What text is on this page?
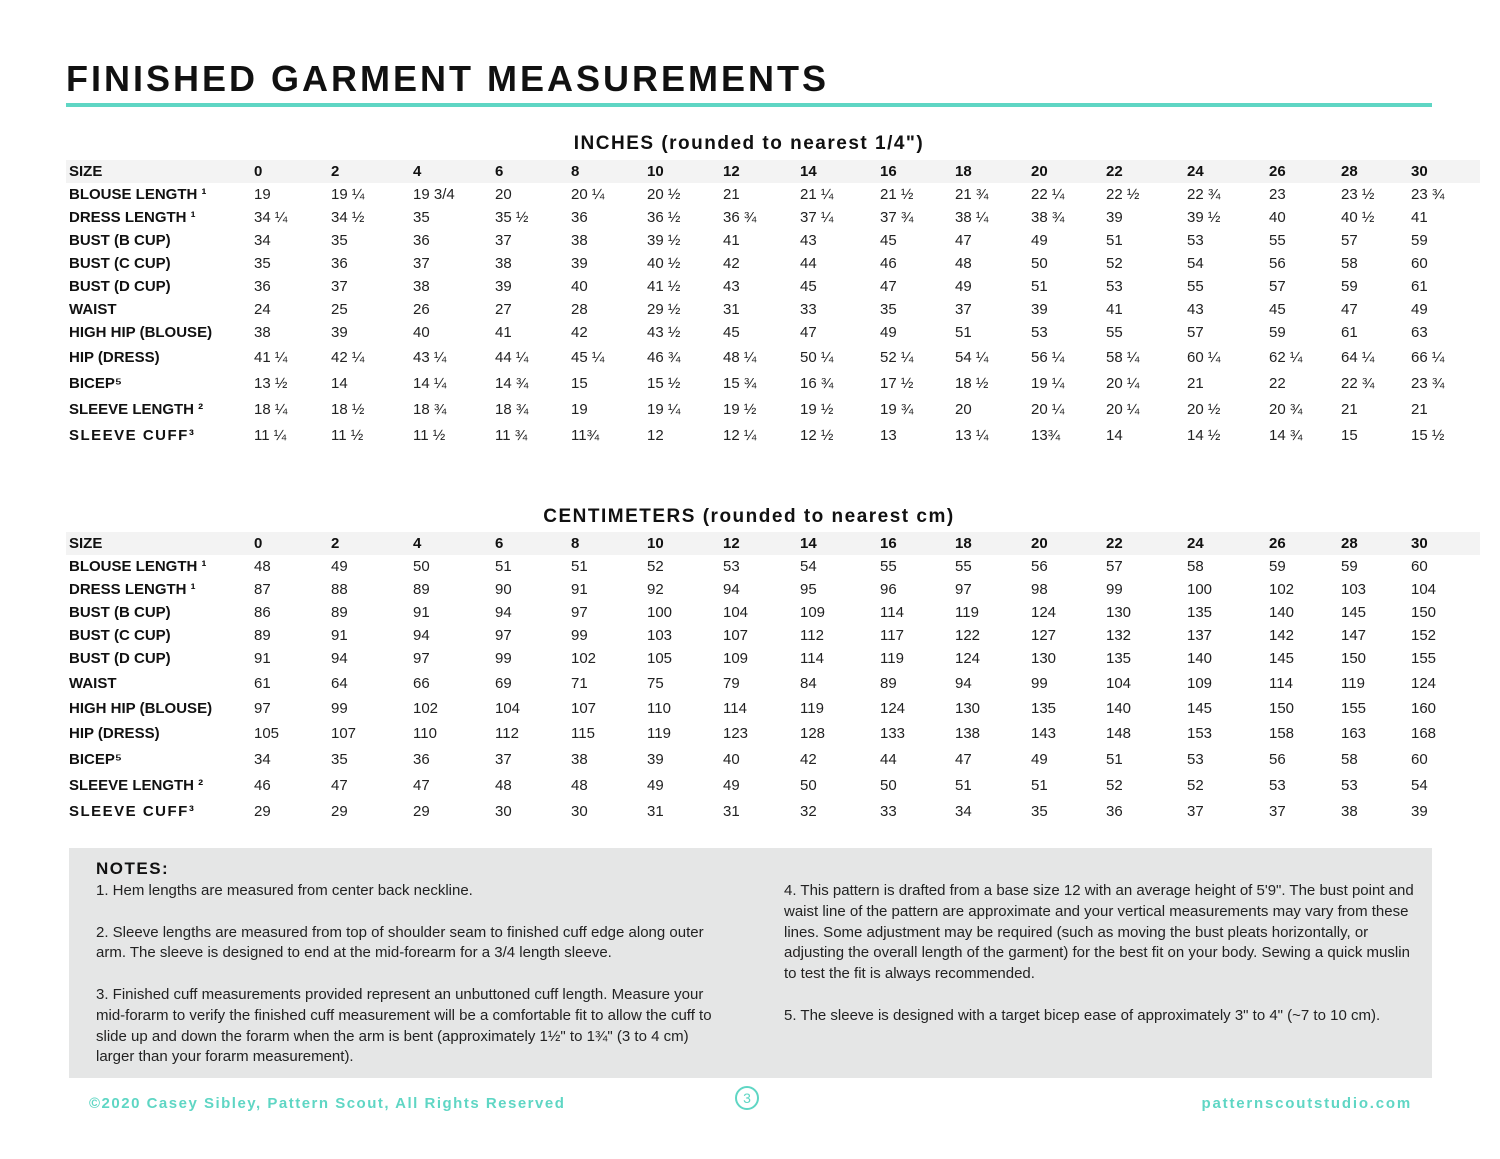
FINISHED GARMENT MEASUREMENTS
INCHES (rounded to nearest 1/4")
SIZE	0	2	4	6	8	10	12	14	16	18	20	22	24	26	28	30
BLOUSE LENGTH ¹	19	19 ¼	19 3/4	20	20 ¼	20 ½	21	21 ¼	21 ½	21 ¾	22 ¼	22 ½	22 ¾	23	23 ½	23 ¾
DRESS LENGTH ¹	34 ¼	34 ½	35	35 ½	36	36 ½	36 ¾	37 ¼	37 ¾	38 ¼	38 ¾	39	39 ½	40	40 ½	41
BUST (B CUP)	34	35	36	37	38	39 ½	41	43	45	47	49	51	53	55	57	59
BUST (C CUP)	35	36	37	38	39	40 ½	42	44	46	48	50	52	54	56	58	60
BUST (D CUP)	36	37	38	39	40	41 ½	43	45	47	49	51	53	55	57	59	61
WAIST	24	25	26	27	28	29 ½	31	33	35	37	39	41	43	45	47	49
HIGH HIP (BLOUSE)	38	39	40	41	42	43 ½	45	47	49	51	53	55	57	59	61	63
HIP (DRESS)	41 ¼	42 ¼	43 ¼	44 ¼	45 ¼	46 ¾	48 ¼	50 ¼	52 ¼	54 ¼	56 ¼	58 ¼	60 ¼	62 ¼	64 ¼	66 ¼
BICEP⁵	13 ½	14	14 ¼	14 ¾	15	15 ½	15 ¾	16 ¾	17 ½	18 ½	19 ¼	20 ¼	21	22	22 ¾	23 ¾
SLEEVE LENGTH ²	18 ¼	18 ½	18 ¾	18 ¾	19	19 ¼	19 ½	19 ½	19 ¾	20	20 ¼	20 ¼	20 ½	20 ¾	21	21
SLEEVE CUFF³	11 ¼	11 ½	11 ½	11 ¾	11¾	12	12 ¼	12 ½	13	13 ¼	13¾	14	14 ½	14 ¾	15	15 ½
CENTIMETERS (rounded to nearest cm)
SIZE	0	2	4	6	8	10	12	14	16	18	20	22	24	26	28	30
BLOUSE LENGTH ¹	48	49	50	51	51	52	53	54	55	55	56	57	58	59	59	60
DRESS LENGTH ¹	87	88	89	90	91	92	94	95	96	97	98	99	100	102	103	104
BUST (B CUP)	86	89	91	94	97	100	104	109	114	119	124	130	135	140	145	150
BUST (C CUP)	89	91	94	97	99	103	107	112	117	122	127	132	137	142	147	152
BUST (D CUP)	91	94	97	99	102	105	109	114	119	124	130	135	140	145	150	155
WAIST	61	64	66	69	71	75	79	84	89	94	99	104	109	114	119	124
HIGH HIP (BLOUSE)	97	99	102	104	107	110	114	119	124	130	135	140	145	150	155	160
HIP (DRESS)	105	107	110	112	115	119	123	128	133	138	143	148	153	158	163	168
BICEP⁵	34	35	36	37	38	39	40	42	44	47	49	51	53	56	58	60
SLEEVE LENGTH ²	46	47	47	48	48	49	49	50	50	51	51	52	52	53	53	54
SLEEVE CUFF³	29	29	29	30	30	31	31	32	33	34	35	36	37	37	38	39
NOTES:

1. Hem lengths are measured from center back neckline.

2. Sleeve lengths are measured from top of shoulder seam to finished cuff edge along outer arm. The sleeve is designed to end at the mid-forearm for a 3/4 length sleeve.

3. Finished cuff measurements provided represent an unbuttoned cuff length. Measure your mid-forarm to verify the finished cuff measurement will be a comfortable fit to allow the cuff to slide up and down the forarm when the arm is bent (approximately 1½" to 1¾" (3 to 4 cm) larger than your forarm measurement).

4. This pattern is drafted from a base size 12 with an average height of 5'9". The bust point and waist line of the pattern are approximate and your vertical measurements may vary from these lines. Some adjustment may be required (such as moving the bust pleats horizontally, or adjusting the overall length of the garment) for the best fit on your body. Sewing a quick muslin to test the fit is always recommended.

5. The sleeve is designed with a target bicep ease of approximately 3" to 4" (~7 to 10 cm).

©2020 Casey Sibley, Pattern Scout, All Rights Reserved	3	patternscoutstudio.com
